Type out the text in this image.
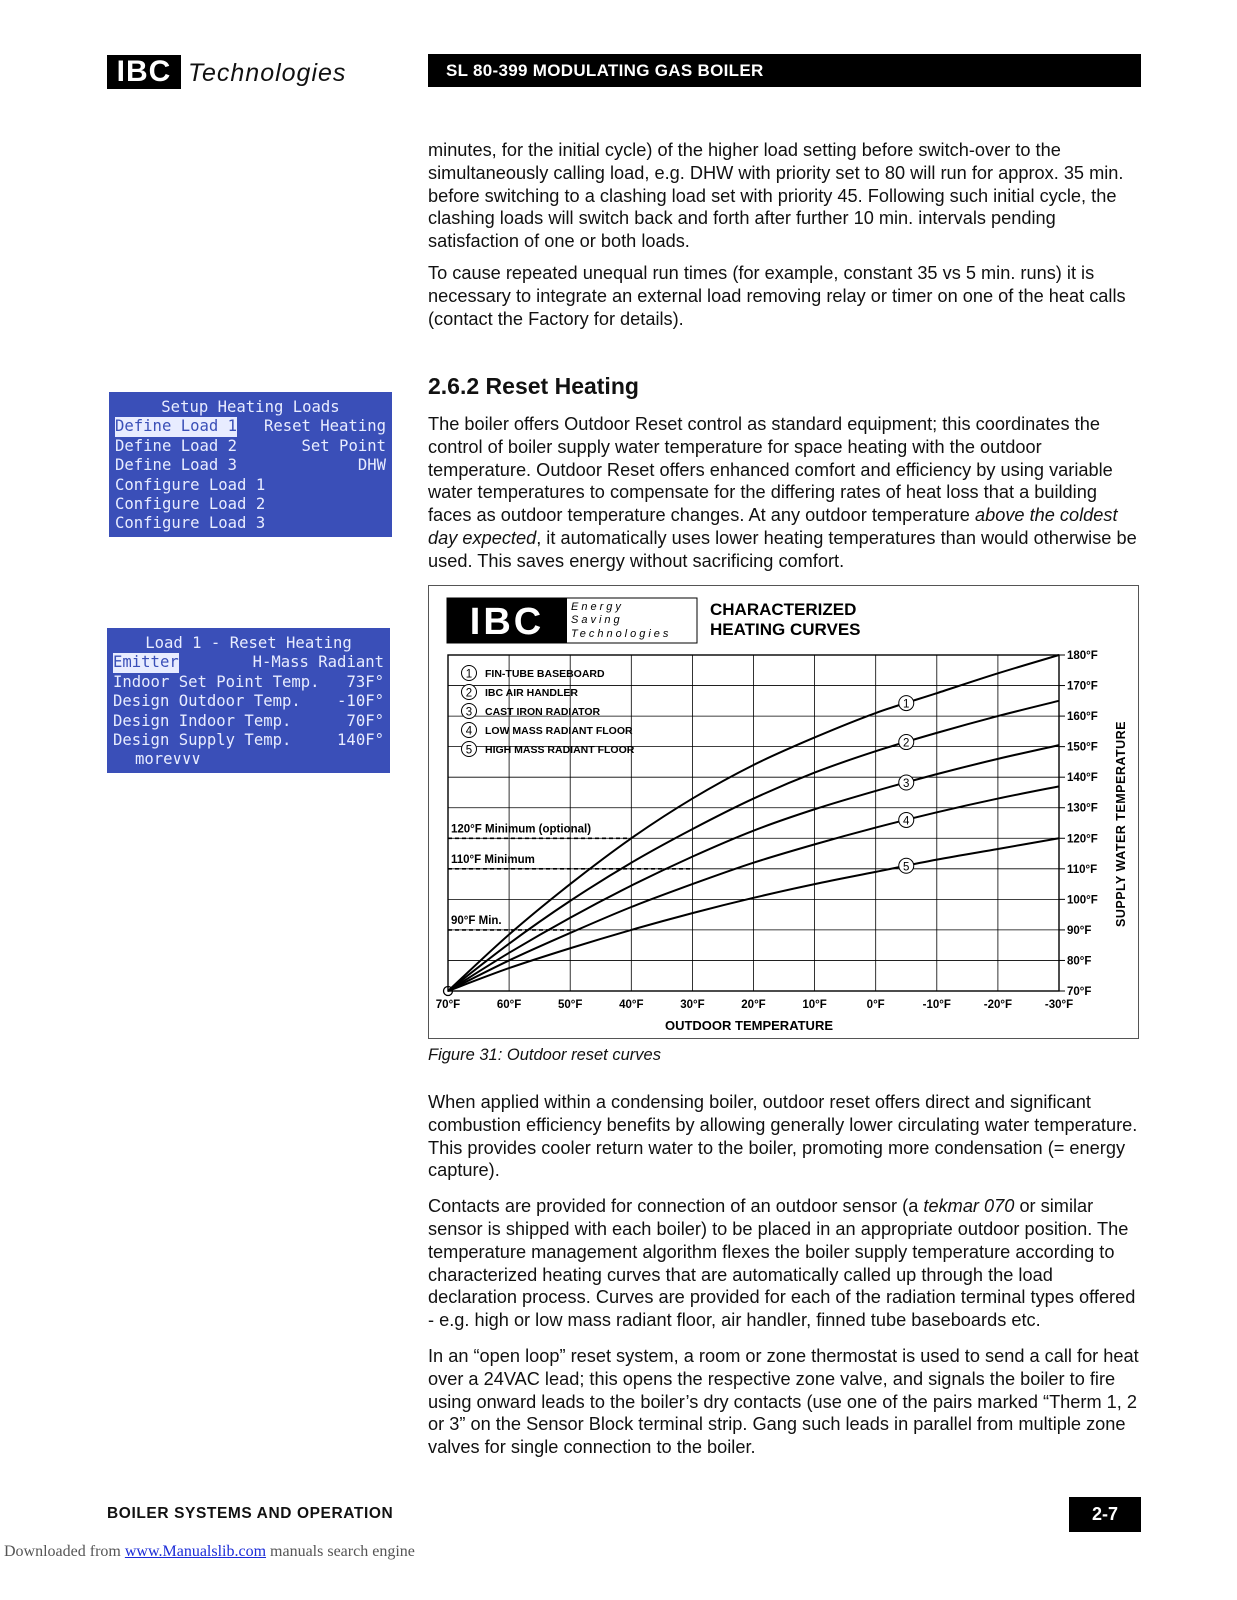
IBC Technologies	SL 80-399 MODULATING GAS BOILER

minutes, for the initial cycle) of the higher load setting before switch-over to the simultaneously calling load, e.g. DHW with priority set to 80 will run for approx. 35 min. before switching to a clashing load set with priority 45. Following such initial cycle, the clashing loads will switch back and forth after further 10 min. intervals pending satisfaction of one or both loads.

To cause repeated unequal run times (for example, constant 35 vs 5 min. runs) it is necessary to integrate an external load removing relay or timer on one of the heat calls (contact the Factory for details).

2.6.2 Reset Heating

The boiler offers Outdoor Reset control as standard equipment; this coordinates the control of boiler supply water temperature for space heating with the outdoor temperature. Outdoor Reset offers enhanced comfort and efficiency by using variable water temperatures to compensate for the differing rates of heat loss that a building faces as outdoor temperature changes. At any outdoor temperature above the coldest day expected, it automatically uses lower heating temperatures than would otherwise be used. This saves energy without sacrificing comfort.

Setup Heating Loads
Define Load 1 Reset Heating
Define Load 2	Set Point
Define Load 3	DHW
Configure Load 1
Configure Load 2
Configure Load 3
Load 1 - Reset Heating
Emitter	H-Mass Radiant
Indoor Set Point Temp. 73F°
Design Outdoor Temp. -10F°
Design Indoor Temp.	70F°
Design Supply Temp.	140F°
more∨∨∨
IBC Energy
Saving
Technologies
CHARACTERIZED
HEATING CURVES
120°F Minimum (optional)
110°F Minimum
90°F Min.
1
2
3
4
5
70°F	60°F	50°F	40°F	30°F	20°F	10°F	0°F	-10°F	-20°F	-30°F
70°F
80°F
90°F
100°F
110°F
120°F
130°F
140°F
150°F
160°F
170°F
180°F
1 FIN-TUBE BASEBOARD
2 IBC AIR HANDLER
3 CAST IRON RADIATOR
4 LOW MASS RADIANT FLOOR
5 HIGH MASS RADIANT FLOOR
OUTDOOR TEMPERATURE
SUPPLY WATER TEMPERATURE
Figure 31: Outdoor reset curves

When applied within a condensing boiler, outdoor reset offers direct and significant combustion efficiency benefits by allowing generally lower circulating water temperature. This provides cooler return water to the boiler, promoting more condensation (= energy capture).

Contacts are provided for connection of an outdoor sensor (a tekmar 070 or similar sensor is shipped with each boiler) to be placed in an appropriate outdoor position. The temperature management algorithm flexes the boiler supply temperature according to characterized heating curves that are automatically called up through the load declaration process. Curves are provided for each of the radiation terminal types offered - e.g. high or low mass radiant floor, air handler, finned tube baseboards etc.

In an “open loop” reset system, a room or zone thermostat is used to send a call for heat over a 24VAC lead; this opens the respective zone valve, and signals the boiler to fire using onward leads to the boiler’s dry contacts (use one of the pairs marked “Therm 1, 2 or 3” on the Sensor Block terminal strip. Gang such leads in parallel from multiple zone valves for single connection to the boiler.

BOILER SYSTEMS AND OPERATION	2-7
Downloaded from www.Manualslib.com manuals search engine
